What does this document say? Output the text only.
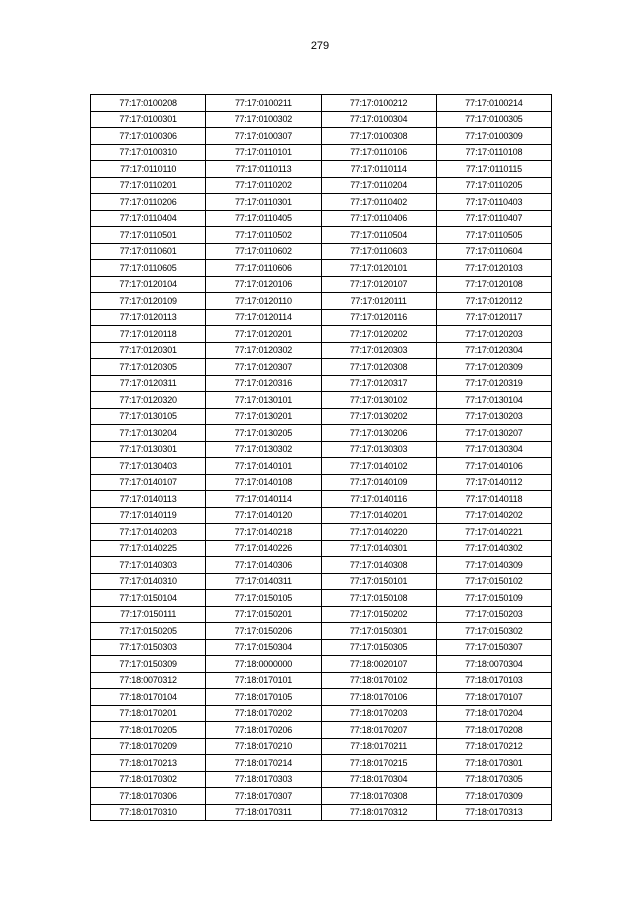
279
77:17:0100208	77:17:0100211	77:17:0100212	77:17:0100214
77:17:0100301	77:17:0100302	77:17:0100304	77:17:0100305
77:17:0100306	77:17:0100307	77:17:0100308	77:17:0100309
77:17:0100310	77:17:0110101	77:17:0110106	77:17:0110108
77:17:0110110	77:17:0110113	77:17:0110114	77:17:0110115
77:17:0110201	77:17:0110202	77:17:0110204	77:17:0110205
77:17:0110206	77:17:0110301	77:17:0110402	77:17:0110403
77:17:0110404	77:17:0110405	77:17:0110406	77:17:0110407
77:17:0110501	77:17:0110502	77:17:0110504	77:17:0110505
77:17:0110601	77:17:0110602	77:17:0110603	77:17:0110604
77:17:0110605	77:17:0110606	77:17:0120101	77:17:0120103
77:17:0120104	77:17:0120106	77:17:0120107	77:17:0120108
77:17:0120109	77:17:0120110	77:17:0120111	77:17:0120112
77:17:0120113	77:17:0120114	77:17:0120116	77:17:0120117
77:17:0120118	77:17:0120201	77:17:0120202	77:17:0120203
77:17:0120301	77:17:0120302	77:17:0120303	77:17:0120304
77:17:0120305	77:17:0120307	77:17:0120308	77:17:0120309
77:17:0120311	77:17:0120316	77:17:0120317	77:17:0120319
77:17:0120320	77:17:0130101	77:17:0130102	77:17:0130104
77:17:0130105	77:17:0130201	77:17:0130202	77:17:0130203
77:17:0130204	77:17:0130205	77:17:0130206	77:17:0130207
77:17:0130301	77:17:0130302	77:17:0130303	77:17:0130304
77:17:0130403	77:17:0140101	77:17:0140102	77:17:0140106
77:17:0140107	77:17:0140108	77:17:0140109	77:17:0140112
77:17:0140113	77:17:0140114	77:17:0140116	77:17:0140118
77:17:0140119	77:17:0140120	77:17:0140201	77:17:0140202
77:17:0140203	77:17:0140218	77:17:0140220	77:17:0140221
77:17:0140225	77:17:0140226	77:17:0140301	77:17:0140302
77:17:0140303	77:17:0140306	77:17:0140308	77:17:0140309
77:17:0140310	77:17:0140311	77:17:0150101	77:17:0150102
77:17:0150104	77:17:0150105	77:17:0150108	77:17:0150109
77:17:0150111	77:17:0150201	77:17:0150202	77:17:0150203
77:17:0150205	77:17:0150206	77:17:0150301	77:17:0150302
77:17:0150303	77:17:0150304	77:17:0150305	77:17:0150307
77:17:0150309	77:18:0000000	77:18:0020107	77:18:0070304
77:18:0070312	77:18:0170101	77:18:0170102	77:18:0170103
77:18:0170104	77:18:0170105	77:18:0170106	77:18:0170107
77:18:0170201	77:18:0170202	77:18:0170203	77:18:0170204
77:18:0170205	77:18:0170206	77:18:0170207	77:18:0170208
77:18:0170209	77:18:0170210	77:18:0170211	77:18:0170212
77:18:0170213	77:18:0170214	77:18:0170215	77:18:0170301
77:18:0170302	77:18:0170303	77:18:0170304	77:18:0170305
77:18:0170306	77:18:0170307	77:18:0170308	77:18:0170309
77:18:0170310	77:18:0170311	77:18:0170312	77:18:0170313
